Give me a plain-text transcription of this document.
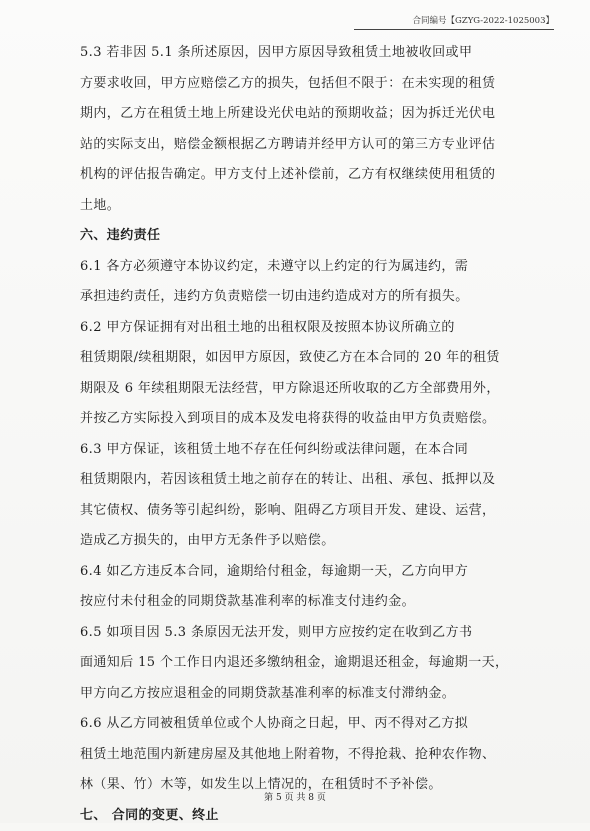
合同编号【GZYG-2022-1025003】
5.3 若非因 5.1 条所述原因，因甲方原因导致租赁土地被收回或甲
方要求收回，甲方应赔偿乙方的损失，包括但不限于：在未实现的租赁
期内，乙方在租赁土地上所建设光伏电站的预期收益；因为拆迁光伏电
站的实际支出，赔偿金额根据乙方聘请并经甲方认可的第三方专业评估
机构的评估报告确定。甲方支付上述补偿前，乙方有权继续使用租赁的
土地。
六、违约责任
6.1 各方必须遵守本协议约定，未遵守以上约定的行为属违约，需
承担违约责任，违约方负责赔偿一切由违约造成对方的所有损失。
6.2 甲方保证拥有对出租土地的出租权限及按照本协议所确立的
租赁期限/续租期限，如因甲方原因，致使乙方在本合同的 20 年的租赁
期限及 6 年续租期限无法经营，甲方除退还所收取的乙方全部费用外，
并按乙方实际投入到项目的成本及发电将获得的收益由甲方负责赔偿。
6.3 甲方保证，该租赁土地不存在任何纠纷或法律问题，在本合同
租赁期限内，若因该租赁土地之前存在的转让、出租、承包、抵押以及
其它债权、债务等引起纠纷，影响、阻碍乙方项目开发、建设、运营，
造成乙方损失的，由甲方无条件予以赔偿。
6.4 如乙方违反本合同，逾期给付租金，每逾期一天，乙方向甲方
按应付未付租金的同期贷款基准利率的标准支付违约金。
6.5 如项目因 5.3 条原因无法开发，则甲方应按约定在收到乙方书
面通知后 15 个工作日内退还多缴纳租金，逾期退还租金，每逾期一天，
甲方向乙方按应退租金的同期贷款基准利率的标准支付滞纳金。
6.6 从乙方同被租赁单位或个人协商之日起，甲、丙不得对乙方拟
租赁土地范围内新建房屋及其他地上附着物，不得抢栽、抢种农作物、
林（果、竹）木等，如发生以上情况的，在租赁时不予补偿。
七、 合同的变更、终止
第 5 页 共 8 页
